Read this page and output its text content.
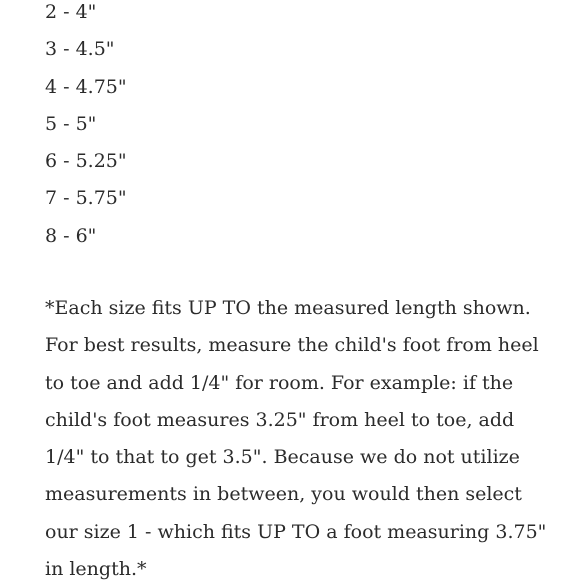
2 - 4"
3 - 4.5"
4 - 4.75"
5 - 5"
6 - 5.25"
7 - 5.75"
8 - 6"

*Each size fits UP TO the measured length shown.
For best results, measure the child's foot from heel
to toe and add 1/4" for room. For example: if the
child's foot measures 3.25" from heel to toe, add
1/4" to that to get 3.5". Because we do not utilize
measurements in between, you would then select
our size 1 - which fits UP TO a foot measuring 3.75"
in length.*
